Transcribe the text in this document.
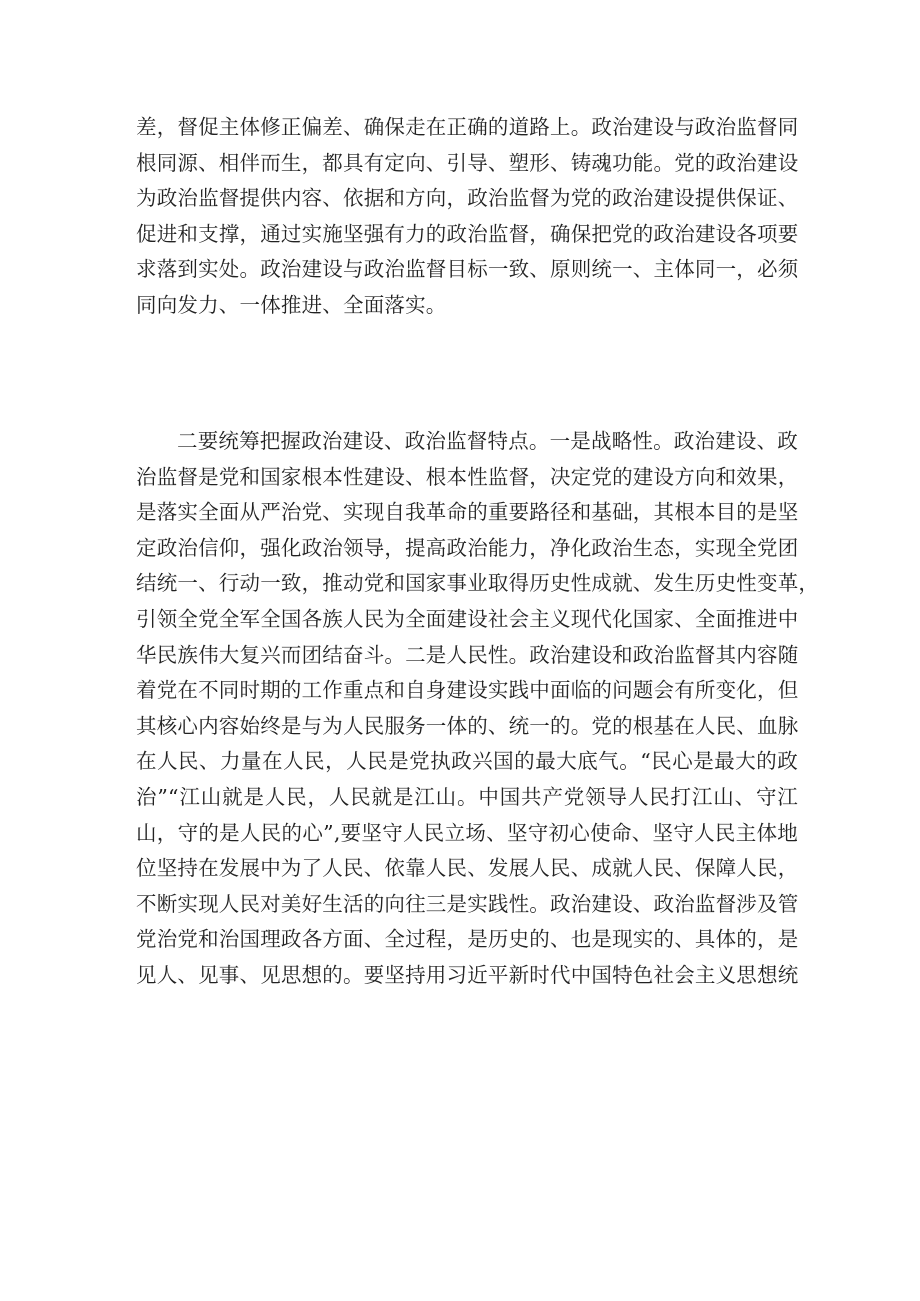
差，督促主体修正偏差、确保走在正确的道路上。政治建设与政治监督同
根同源、相伴而生，都具有定向、引导、塑形、铸魂功能。党的政治建设
为政治监督提供内容、依据和方向，政治监督为党的政治建设提供保证、
促进和支撑，通过实施坚强有力的政治监督，确保把党的政治建设各项要
求落到实处。政治建设与政治监督目标一致、原则统一、主体同一，必须
同向发力、一体推进、全面落实。
二要统筹把握政治建设、政治监督特点。一是战略性。政治建设、政
治监督是党和国家根本性建设、根本性监督，决定党的建设方向和效果，
是落实全面从严治党、实现自我革命的重要路径和基础，其根本目的是坚
定政治信仰，强化政治领导，提高政治能力，净化政治生态，实现全党团
结统一、行动一致，推动党和国家事业取得历史性成就、发生历史性变革，
引领全党全军全国各族人民为全面建设社会主义现代化国家、全面推进中
华民族伟大复兴而团结奋斗。二是人民性。政治建设和政治监督其内容随
着党在不同时期的工作重点和自身建设实践中面临的问题会有所变化，但
其核心内容始终是与为人民服务一体的、统一的。党的根基在人民、血脉
在人民、力量在人民，人民是党执政兴国的最大底气。“民心是最大的政
治”“江山就是人民，人民就是江山。中国共产党领导人民打江山、守江
山，守的是人民的心”,要坚守人民立场、坚守初心使命、坚守人民主体地
位坚持在发展中为了人民、依靠人民、发展人民、成就人民、保障人民，
不断实现人民对美好生活的向往三是实践性。政治建设、政治监督涉及管
党治党和治国理政各方面、全过程，是历史的、也是现实的、具体的，是
见人、见事、见思想的。要坚持用习近平新时代中国特色社会主义思想统
